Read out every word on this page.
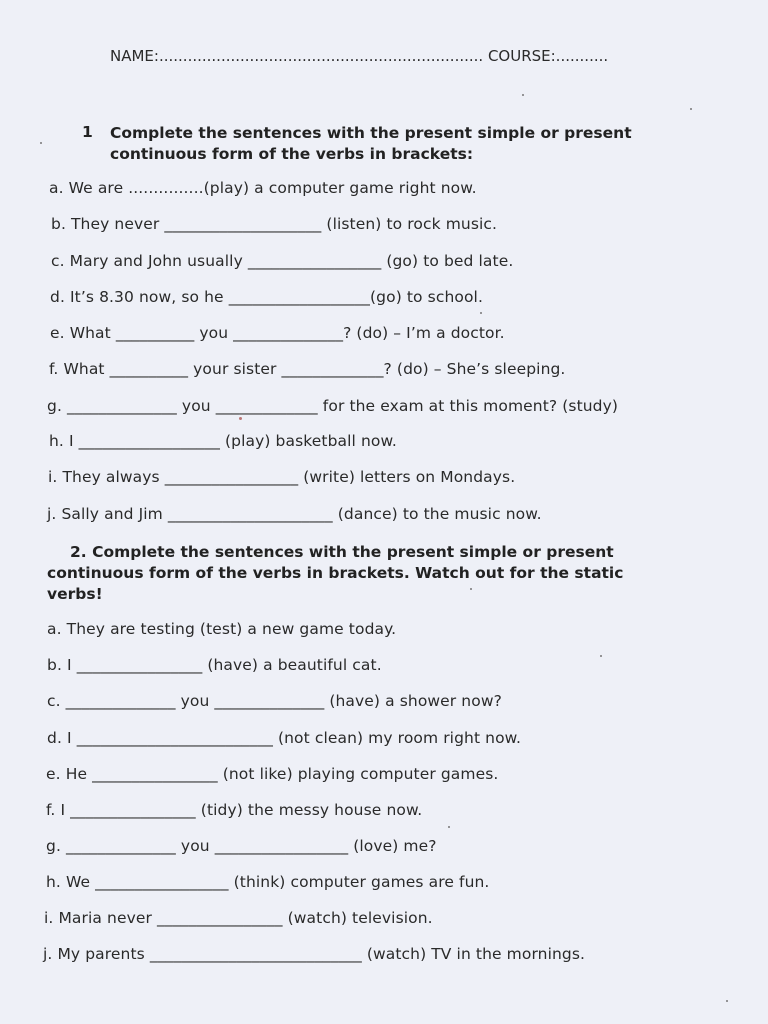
NAME:.................................................................... COURSE:...........
1 Complete the sentences with the present simple or present
continuous form of the verbs in brackets:
a. We are ...............(play) a computer game right now.
b. They never ____________________ (listen) to rock music.
c. Mary and John usually _________________ (go) to bed late.
d. It’s 8.30 now, so he __________________(go) to school.
e. What __________ you ______________? (do) – I’m a doctor.
f. What __________ your sister _____________? (do) – She’s sleeping.
g. ______________ you _____________ for the exam at this moment? (study)
h. I __________________ (play) basketball now.
i. They always _________________ (write) letters on Mondays.
j. Sally and Jim _____________________ (dance) to the music now.
2. Complete the sentences with the present simple or present
continuous form of the verbs in brackets. Watch out for the static
verbs!
a. They are testing (test) a new game today.
b. I ________________ (have) a beautiful cat.
c. ______________ you ______________ (have) a shower now?
d. I _________________________ (not clean) my room right now.
e. He ________________ (not like) playing computer games.
f. I ________________ (tidy) the messy house now.
g. ______________ you _________________ (love) me?
h. We _________________ (think) computer games are fun.
i. Maria never ________________ (watch) television.
j. My parents ___________________________ (watch) TV in the mornings.
